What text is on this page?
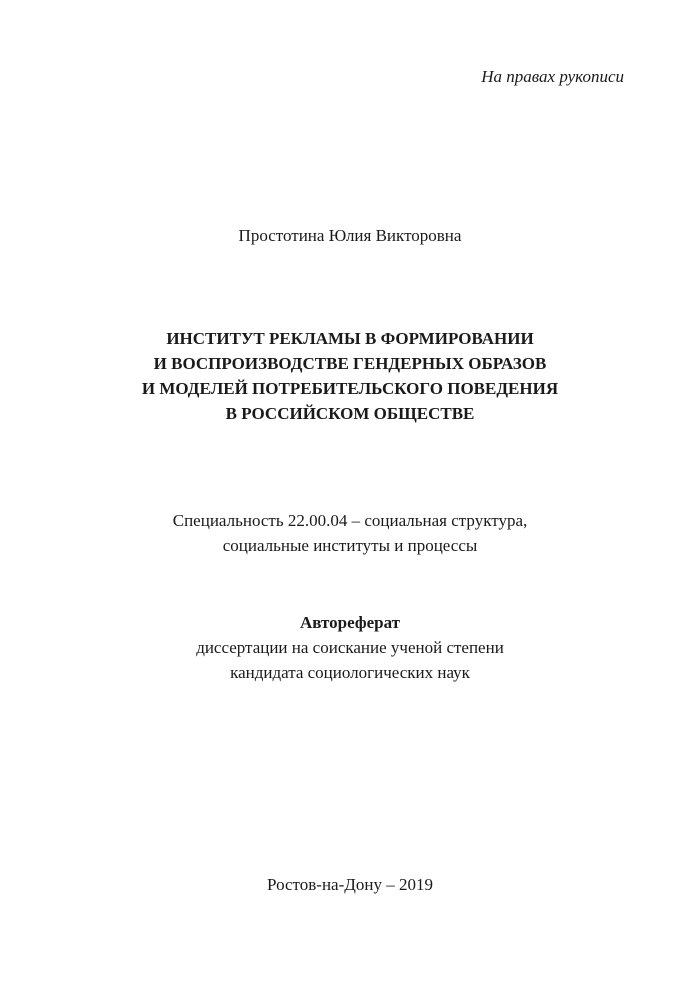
На правах рукописи
Простотина Юлия Викторовна
ИНСТИТУТ РЕКЛАМЫ В ФОРМИРОВАНИИ
И ВОСПРОИЗВОДСТВЕ ГЕНДЕРНЫХ ОБРАЗОВ
И МОДЕЛЕЙ ПОТРЕБИТЕЛЬСКОГО ПОВЕДЕНИЯ
В РОССИЙСКОМ ОБЩЕСТВЕ
Специальность 22.00.04 – социальная структура,
социальные институты и процессы
Автореферат
диссертации на соискание ученой степени
кандидата социологических наук
Ростов-на-Дону – 2019
